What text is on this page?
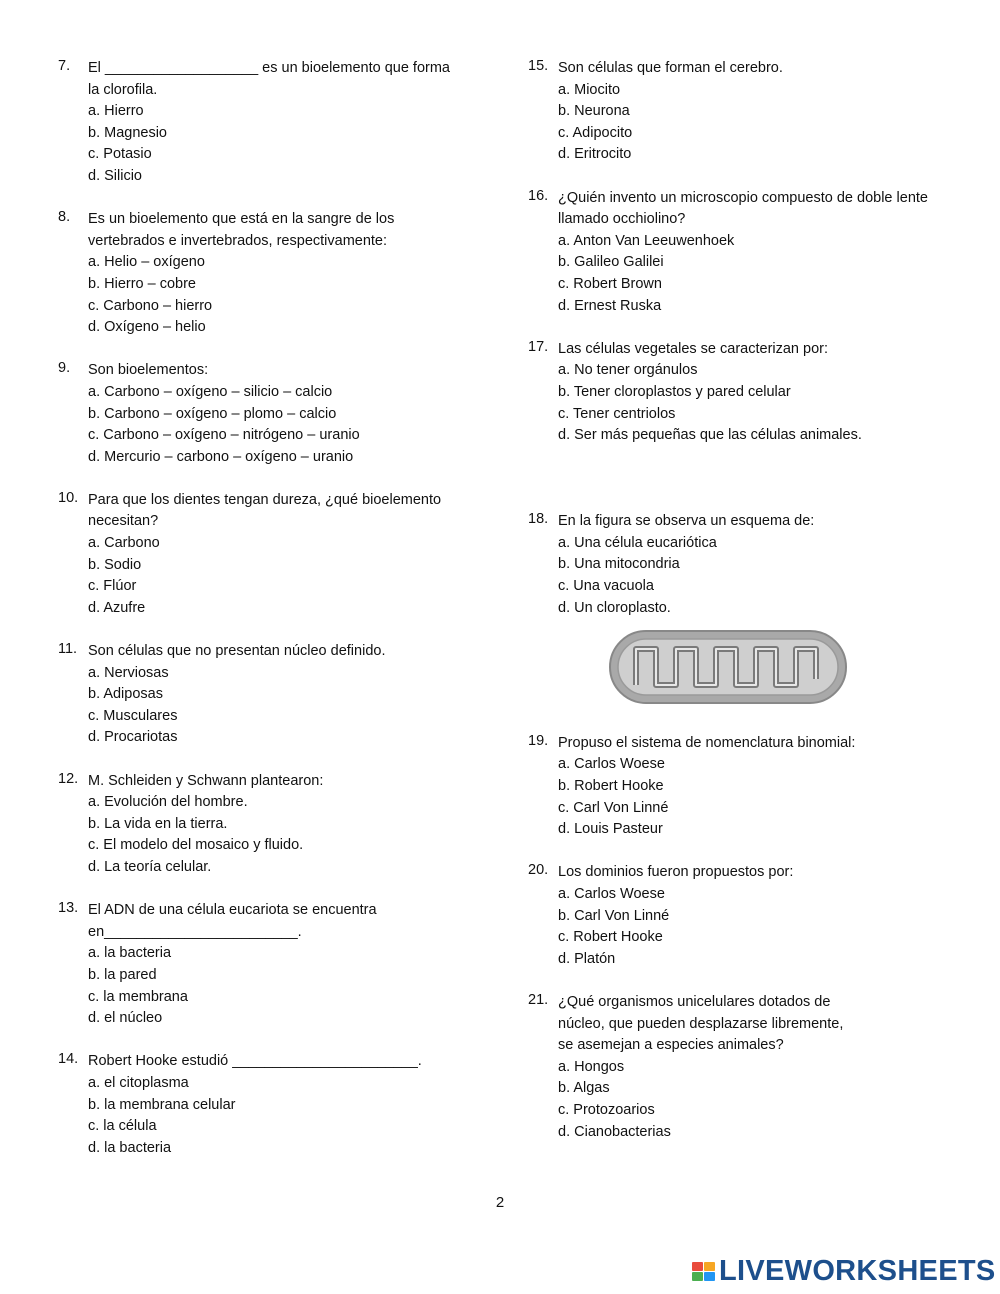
7.	El ___________________ es un bioelemento que forma
la clorofila.
a. Hierro
b. Magnesio
c. Potasio
d. Silicio
8.	Es un bioelemento que está en la sangre de los
vertebrados e invertebrados, respectivamente:
a. Helio – oxígeno
b. Hierro – cobre
c. Carbono – hierro
d. Oxígeno – helio
9.	Son bioelementos:
a. Carbono – oxígeno – silicio – calcio
b. Carbono – oxígeno – plomo – calcio
c. Carbono – oxígeno – nitrógeno – uranio
d. Mercurio – carbono – oxígeno – uranio
10. Para que los dientes tengan dureza, ¿qué bioelemento
necesitan?
a. Carbono
b. Sodio
c. Flúor
d. Azufre
11. Son células que no presentan núcleo definido.
a. Nerviosas
b. Adiposas
c. Musculares
d. Procariotas
12. M. Schleiden y Schwann plantearon:
a. Evolución del hombre.
b. La vida en la tierra.
c. El modelo del mosaico y fluido.
d. La teoría celular.
13. El ADN de una célula eucariota se encuentra
en________________________.
a. la bacteria
b. la pared
c. la membrana
d. el núcleo
14. Robert Hooke estudió _______________________.
a. el citoplasma
b. la membrana celular
c. la célula
d. la bacteria
15. Son células que forman el cerebro.
a. Miocito
b. Neurona
c. Adipocito
d. Eritrocito
16. ¿Quién invento un microscopio compuesto de doble lente
llamado occhiolino?
a. Anton Van Leeuwenhoek
b. Galileo Galilei
c. Robert Brown
d. Ernest Ruska
17. Las células vegetales se caracterizan por:
a. No tener orgánulos
b. Tener cloroplastos y pared celular
c. Tener centriolos
d. Ser más pequeñas que las células animales.
18. En la figura se observa un esquema de:
a. Una célula eucariótica
b. Una mitocondria
c. Una vacuola
d. Un cloroplasto.
19. Propuso el sistema de nomenclatura binomial:
a. Carlos Woese
b. Robert Hooke
c. Carl Von Linné
d. Louis Pasteur
20. Los dominios fueron propuestos por:
a. Carlos Woese
b. Carl Von Linné
c. Robert Hooke
d. Platón
21. ¿Qué organismos unicelulares dotados de
núcleo, que pueden desplazarse libremente,
se asemejan a especies animales?
a. Hongos
b. Algas
c. Protozoarios
d. Cianobacterias
2
LIVEWORKSHEETS
